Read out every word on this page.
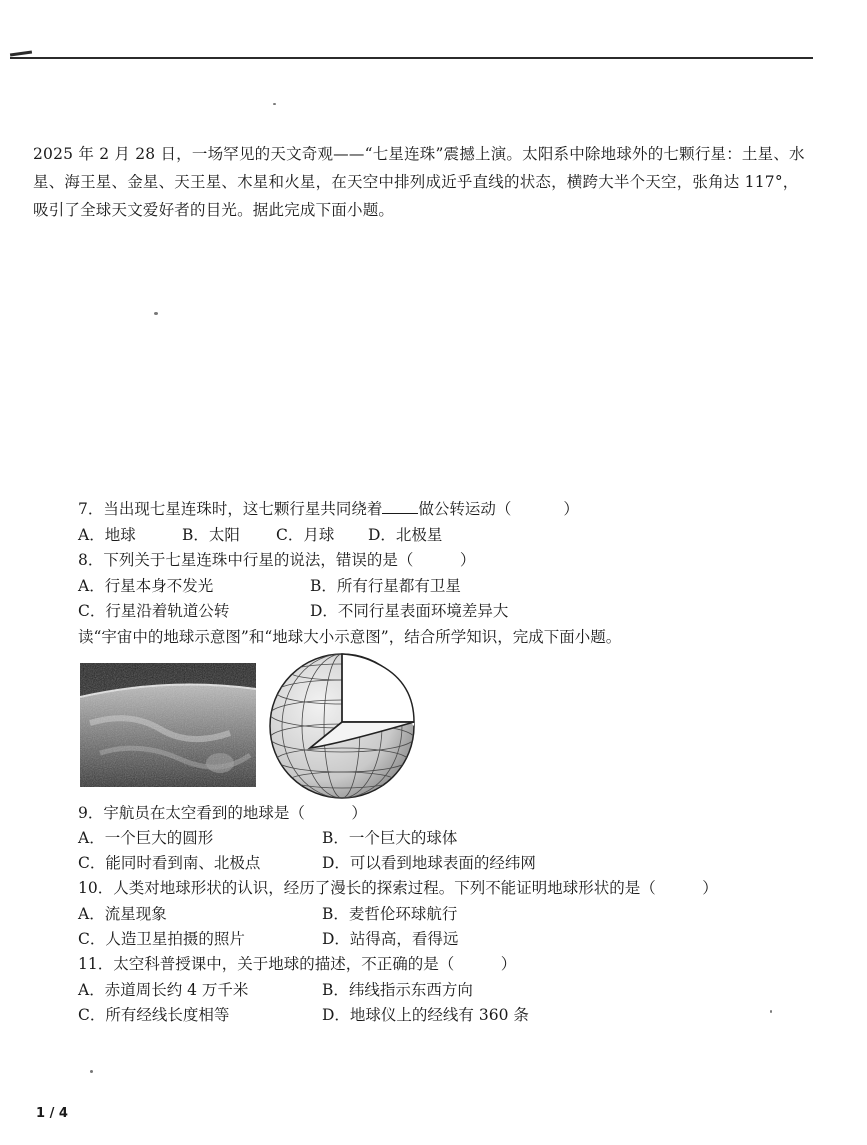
2025 年 2 月 28 日，一场罕见的天文奇观——“七星连珠”震撼上演。太阳系中除地球外的七颗行星：土星、水星、海王星、金星、天王星、木星和火星，在天空中排列成近乎直线的状态，横跨大半个天空，张角达 117°，吸引了全球天文爱好者的目光。据此完成下面小题。

7．当出现七星连珠时，这七颗行星共同绕着 做公转运动（	）
A．地球	B．太阳 C．月球 D．北极星
8．下列关于七星连珠中行星的说法，错误的是（　　　）
A．行星本身不发光	B．所有行星都有卫星
C．行星沿着轨道公转	D．不同行星表面环境差异大
读“宇宙中的地球示意图”和“地球大小示意图”，结合所学知识，完成下面小题。
9．宇航员在太空看到的地球是（　　　）
A．一个巨大的圆形	B．一个巨大的球体
C．能同时看到南、北极点	D．可以看到地球表面的经纬网
10．人类对地球形状的认识，经历了漫长的探索过程。下列不能证明地球形状的是（　　　）
A．流星现象	B．麦哲伦环球航行
C．人造卫星拍摄的照片	D．站得高，看得远
11．太空科普授课中，关于地球的描述，不正确的是（　　　）
A．赤道周长约 4 万千米	B．纬线指示东西方向
C．所有经线长度相等	D．地球仪上的经线有 360 条
1 / 4
